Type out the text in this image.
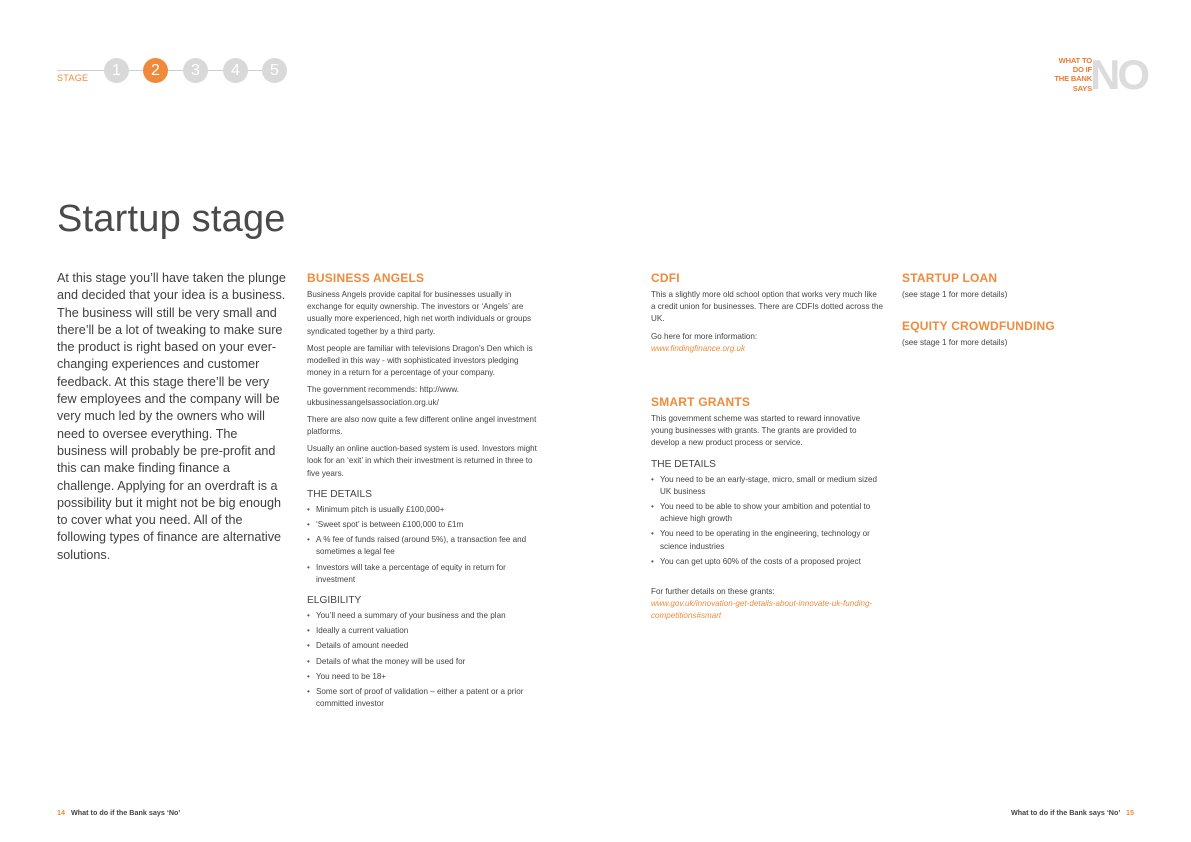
STAGE	1	2	3	4	5
WHAT TO
DO IF
THE BANK
SAYS
NO
Startup stage
At this stage you’ll have taken the plunge and decided that your idea is a business. The business will still be very small and there’ll be a lot of tweaking to make sure the product is right based on your ever-changing experiences and customer feedback. At this stage there’ll be very few employees and the company will be very much led by the owners who will need to oversee everything. The business will probably be pre-profit and this can make finding finance a challenge. Applying for an overdraft is a possibility but it might not be big enough to cover what you need. All of the following types of finance are alternative solutions.
BUSINESS ANGELS

Business Angels provide capital for businesses usually in exchange for equity ownership. The investors or ‘Angels’ are usually more experienced, high net worth individuals or groups syndicated together by a third party.

Most people are familiar with televisions Dragon’s Den which is modelled in this way - with sophisticated investors pledging money in a return for a percentage of your company.

The government recommends: http://www. ukbusinessangelsassociation.org.uk/

There are also now quite a few different online angel investment platforms.

Usually an online auction-based system is used. Investors might look for an ‘exit’ in which their investment is returned in three to five years.

THE DETAILS
• Minimum pitch is usually £100,000+
• ‘Sweet spot’ is between £100,000 to £1m
• A % fee of funds raised (around 5%), a transaction fee and sometimes a legal fee
• Investors will take a percentage of equity in return for investment
ELGIBILITY
• You’ll need a summary of your business and the plan
• Ideally a current valuation
• Details of amount needed
• Details of what the money will be used for
• You need to be 18+
• Some sort of proof of validation – either a patent or a prior committed investor
CDFI

This a slightly more old school option that works very much like a credit union for businesses. There are CDFIs dotted across the UK.

Go here for more information:

www.findingfinance.org.uk

SMART GRANTS

This government scheme was started to reward innovative young businesses with grants. The grants are provided to develop a new product process or service.

THE DETAILS
• You need to be an early-stage, micro, small or medium sized UK business
• You need to be able to show your ambition and potential to achieve high growth
• You need to be operating in the engineering, technology or science industries
• You can get upto 60% of the costs of a proposed project

For further details on these grants:

www.gov.uk/innovation-get-details-about-innovate-uk-funding-competitions#smart

STARTUP LOAN

(see stage 1 for more details)

EQUITY CROWDFUNDING

(see stage 1 for more details)

14 What to do if the Bank says ‘No’	What to do if the Bank says ‘No’ 15
